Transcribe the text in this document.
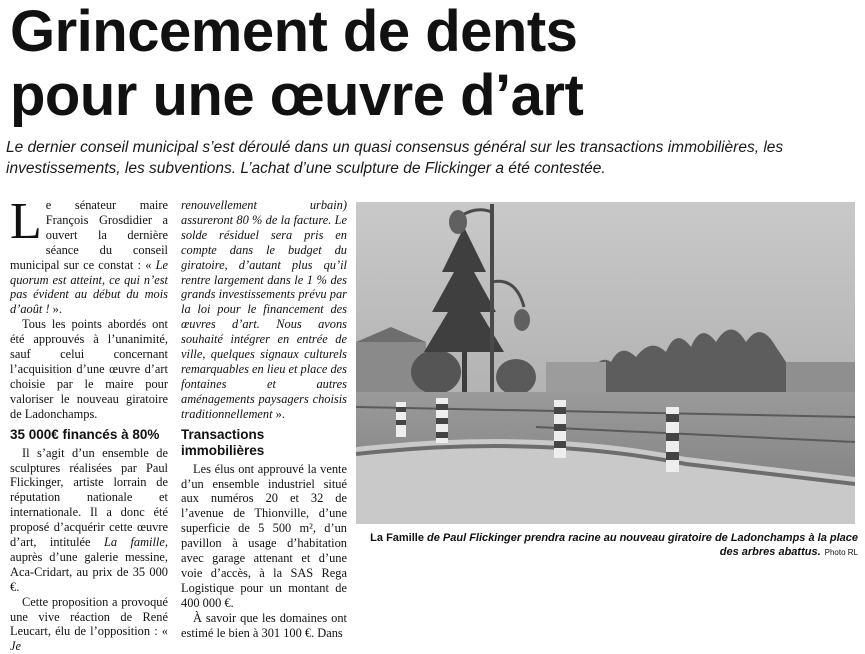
Grincement de dents
pour une œuvre d’art
Le dernier conseil municipal s’est déroulé dans un quasi consensus général sur les transactions immobilières, les investissements, les subventions. L’achat d’une sculpture de Flickinger a été contestée.

Le sénateur maire François Grosdidier a ouvert la dernière séance du conseil municipal sur ce constat : « Le quorum est atteint, ce qui n’est pas évident au début du mois d’août ! ».

Tous les points abordés ont été approuvés à l’unanimité, sauf celui concernant l’acquisition d’une œuvre d’art choisie par le maire pour valoriser le nouveau giratoire de Ladonchamps.

35 000€ financés à 80%

Il s’agit d’un ensemble de sculptures réalisées par Paul Flickinger, artiste lorrain de réputation nationale et internationale. Il a donc été proposé d’acquérir cette œuvre d’art, intitulée La famille, auprès d’une galerie messine, Aca-Cridart, au prix de 35 000 €.

Cette proposition a provoqué une vive réaction de René Leucart, élu de l’opposition : « Je

renouvellement urbain) assureront 80 % de la facture. Le solde résiduel sera pris en compte dans le budget du giratoire, d’autant plus qu’il rentre largement dans le 1 % des grands investissements prévu par la loi pour le financement des œuvres d’art. Nous avons souhaité intégrer en entrée de ville, quelques signaux culturels remarquables en lieu et place des fontaines et autres aménagements paysagers choisis traditionnellement ».

Transactions
immobilières

Les élus ont approuvé la vente d’un ensemble industriel situé aux numéros 20 et 32 de l’avenue de Thionville, d’une superficie de 5 500 m², d’un pavillon à usage d’habitation avec garage attenant et d’une voie d’accès, à la SAS Rega Logistique pour un montant de 400 000 €.

À savoir que les domaines ont estimé le bien à 301 100 €. Dans

La Famille de Paul Flickinger prendra racine au nouveau giratoire de Ladonchamps à la place des arbres abattus. Photo RL
